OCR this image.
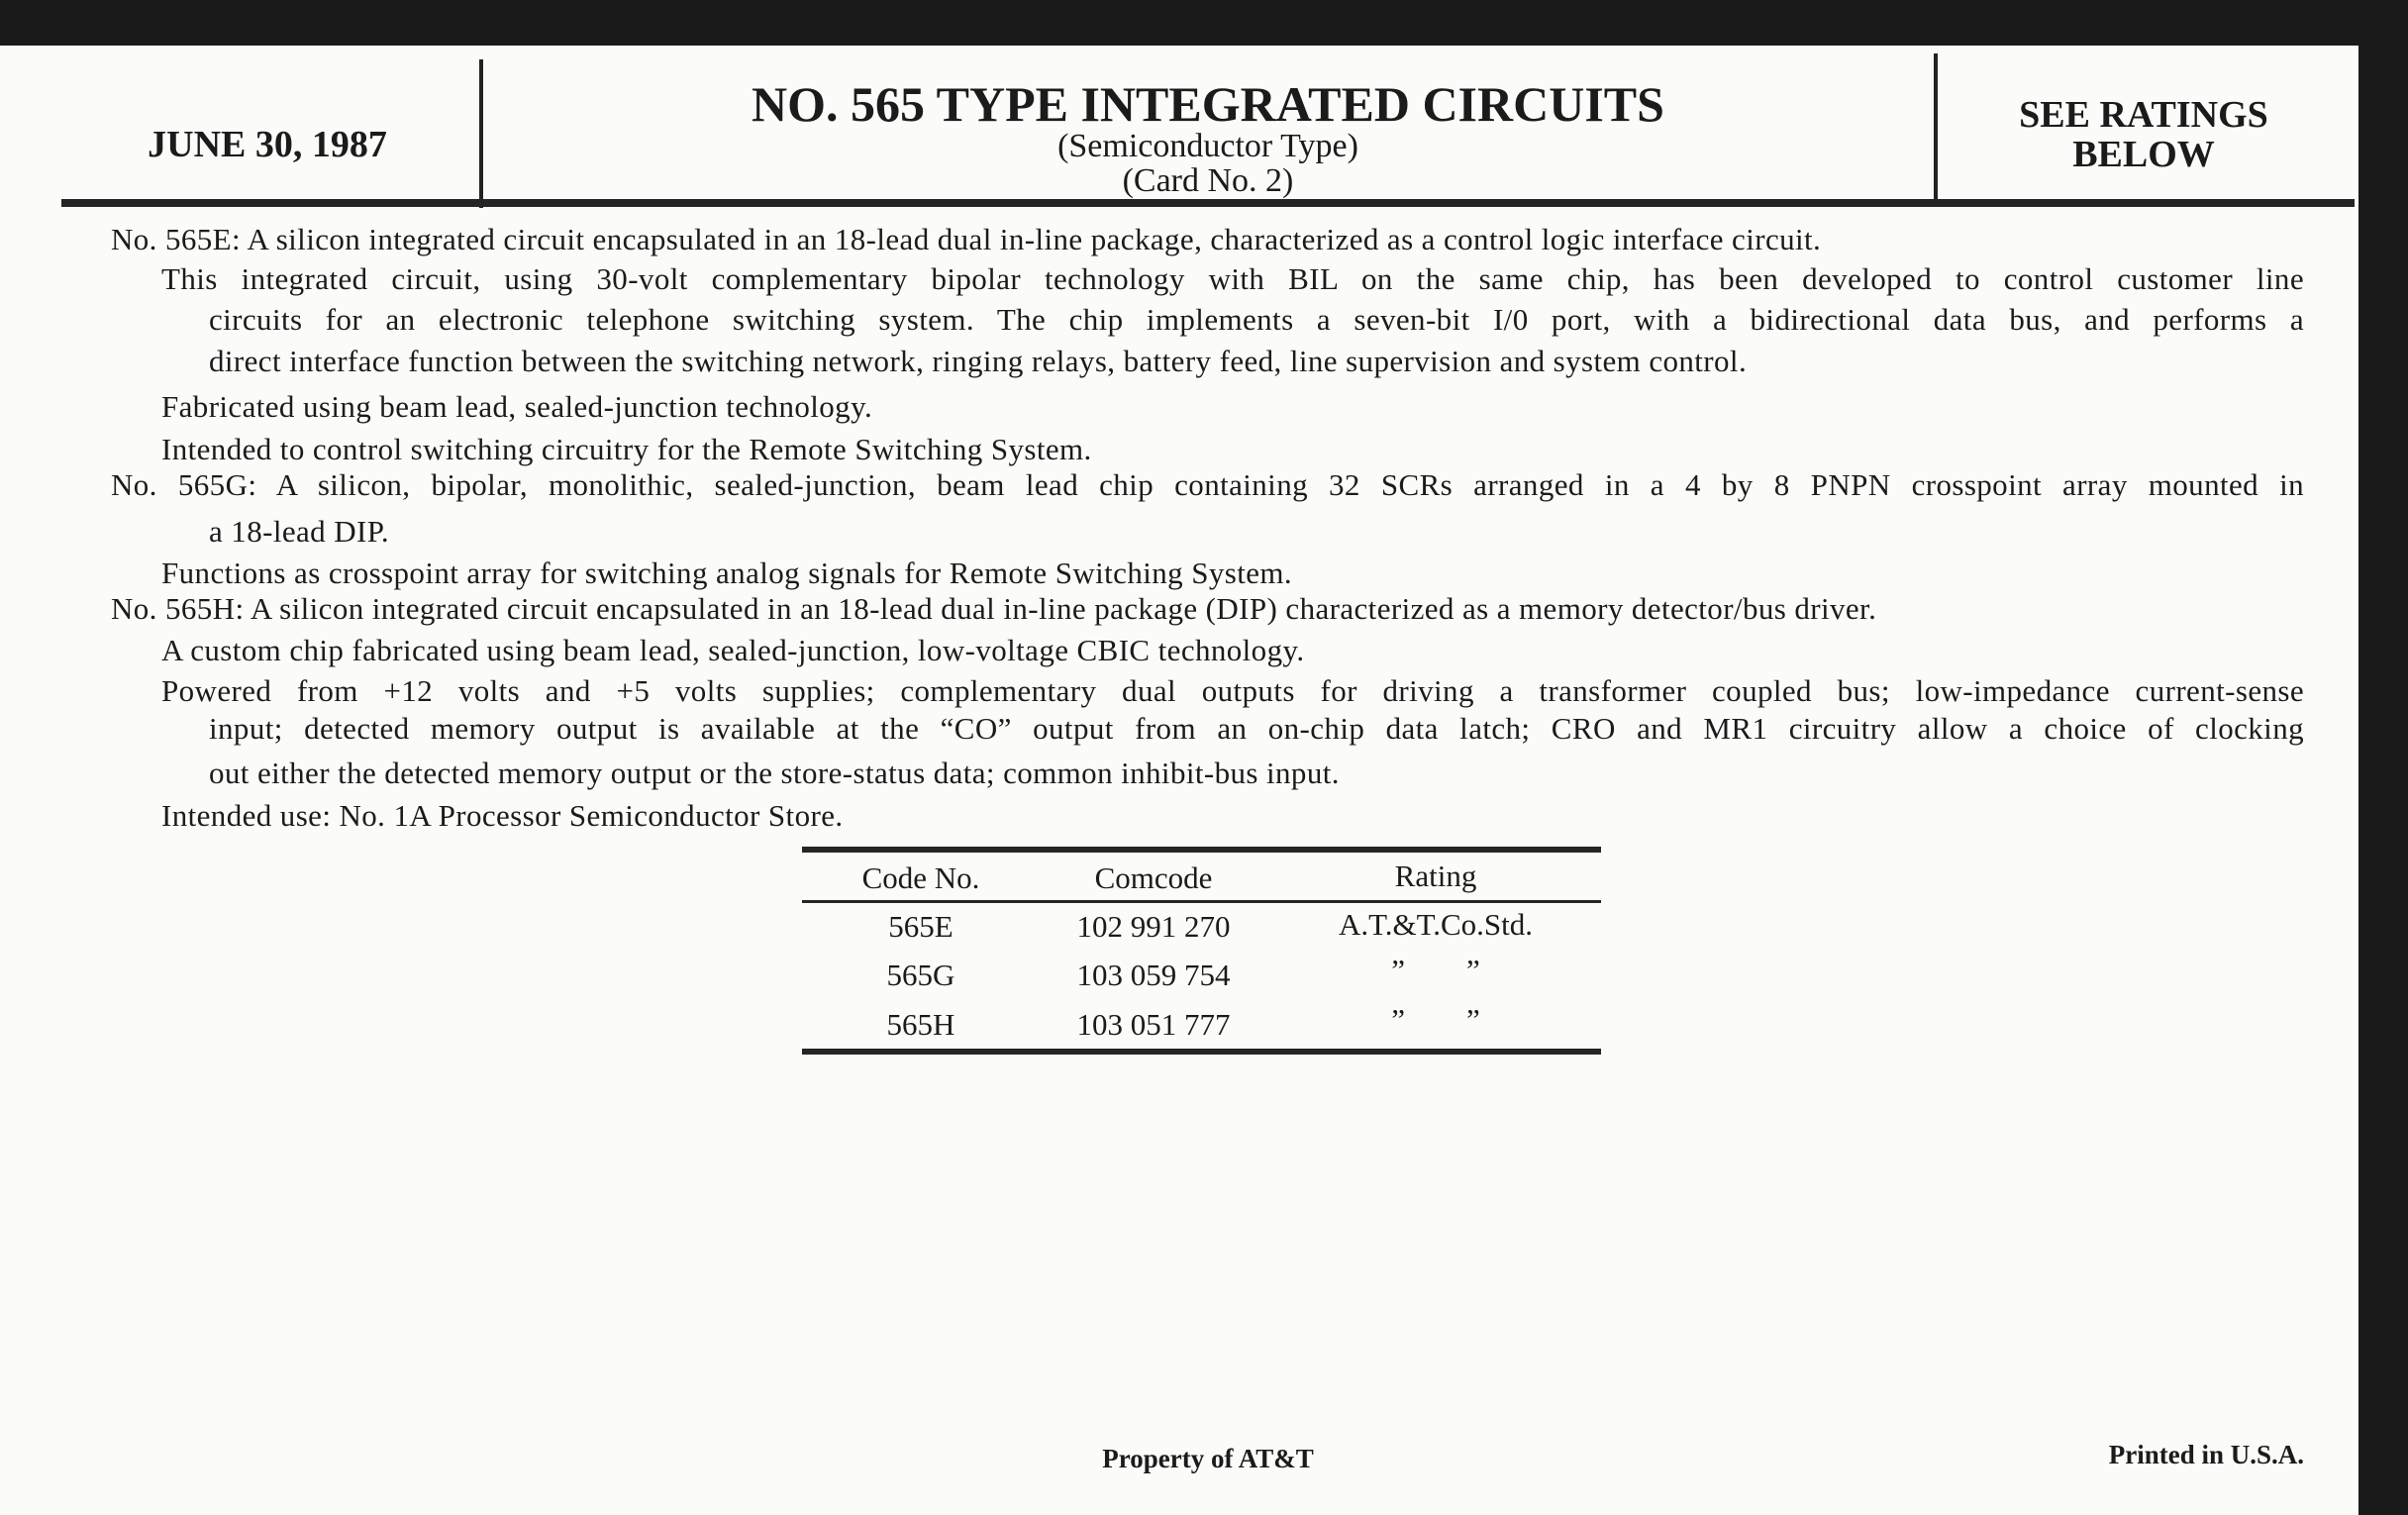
JUNE 30, 1987
NO. 565 TYPE INTEGRATED CIRCUITS
(Semiconductor Type)
(Card No. 2)
SEE RATINGS
BELOW
No. 565E: A silicon integrated circuit encapsulated in an 18-lead dual in-line package, characterized as a control logic interface circuit.
This integrated circuit, using 30-volt complementary bipolar technology with BIL on the same chip, has been developed to control customer line
circuits for an electronic telephone switching system. The chip implements a seven-bit I/0 port, with a bidirectional data bus, and performs a
direct interface function between the switching network, ringing relays, battery feed, line supervision and system control.
Fabricated using beam lead, sealed-junction technology.
Intended to control switching circuitry for the Remote Switching System.
No. 565G: A silicon, bipolar, monolithic, sealed-junction, beam lead chip containing 32 SCRs arranged in a 4 by 8 PNPN crosspoint array mounted in
a 18-lead DIP.
Functions as crosspoint array for switching analog signals for Remote Switching System.
No. 565H: A silicon integrated circuit encapsulated in an 18-lead dual in-line package (DIP) characterized as a memory detector/bus driver.
A custom chip fabricated using beam lead, sealed-junction, low-voltage CBIC technology.
Powered from +12 volts and +5 volts supplies; complementary dual outputs for driving a transformer coupled bus; low-impedance current-sense
input; detected memory output is available at the “CO” output from an on-chip data latch; CRO and MR1 circuitry allow a choice of clocking
out either the detected memory output or the store-status data; common inhibit-bus input.
Intended use: No. 1A Processor Semiconductor Store.
Code No.	Comcode	Rating
565E	102 991 270	A.T.&T.Co.Std.
565G	103 059 754	”        ”
565H	103 051 777	”        ”
Property of AT&T	Printed in U.S.A.
